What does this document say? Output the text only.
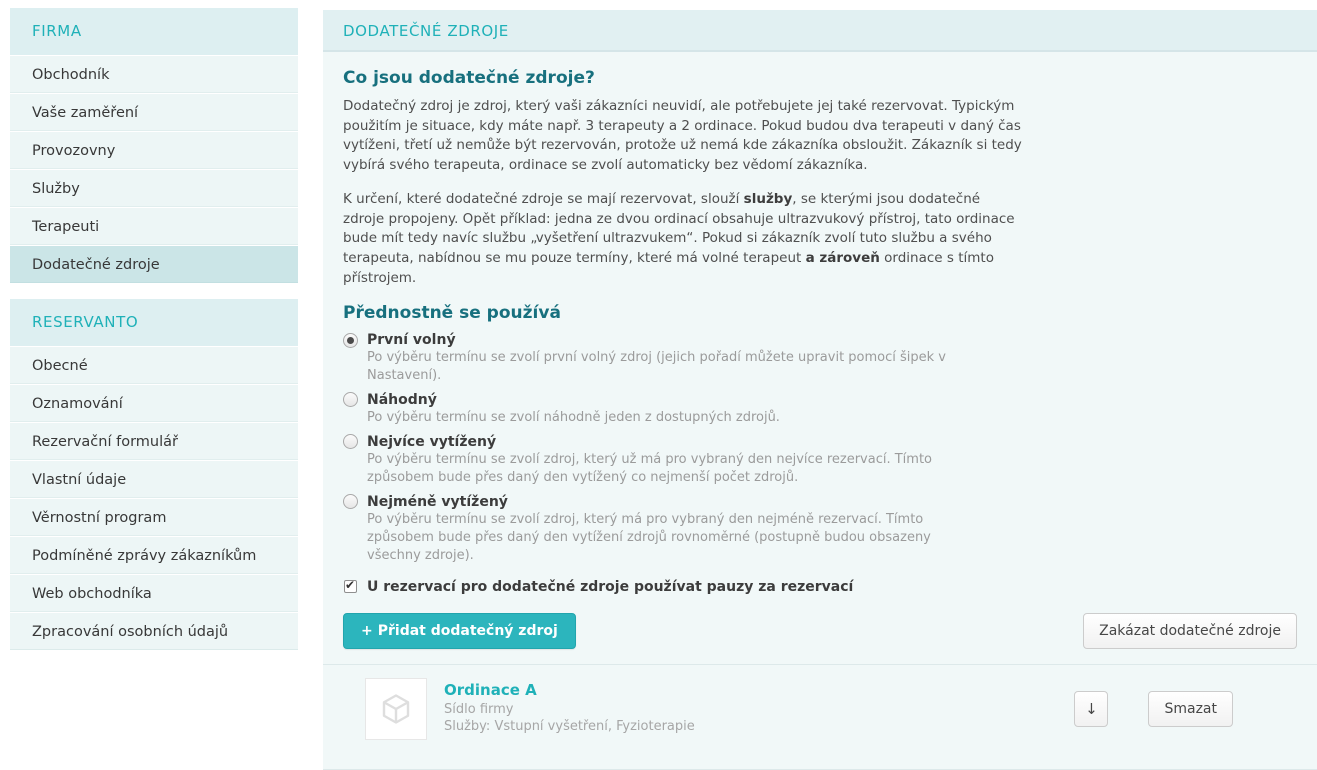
FIRMA
Obchodník
Vaše zaměření
Provozovny
Služby
Terapeuti
Dodatečné zdroje
RESERVANTO
Obecné
Oznamování
Rezervační formulář
Vlastní údaje
Věrnostní program
Podmíněné zprávy zákazníkům
Web obchodníka
Zpracování osobních údajů
DODATEČNÉ ZDROJE
Co jsou dodatečné zdroje?

Dodatečný zdroj je zdroj, který vaši zákazníci neuvidí, ale potřebujete jej také rezervovat. Typickým použitím je situace, kdy máte např. 3 terapeuty a 2 ordinace. Pokud budou dva terapeuti v daný čas vytíženi, třetí už nemůže být rezervován, protože už nemá kde zákazníka obsloužit. Zákazník si tedy vybírá svého terapeuta, ordinace se zvolí automaticky bez vědomí zákazníka.

K určení, které dodatečné zdroje se mají rezervovat, slouží služby, se kterými jsou dodatečné zdroje propojeny. Opět příklad: jedna ze dvou ordinací obsahuje ultrazvukový přístroj, tato ordinace bude mít tedy navíc službu „vyšetření ultrazvukem“. Pokud si zákazník zvolí tuto službu a svého terapeuta, nabídnou se mu pouze termíny, které má volné terapeut a zároveň ordinace s tímto přístrojem.

Přednostně se používá
První volný
Po výběru termínu se zvolí první volný zdroj (jejich pořadí můžete upravit pomocí šipek v Nastavení).
Náhodný
Po výběru termínu se zvolí náhodně jeden z dostupných zdrojů.
Nejvíce vytížený
Po výběru termínu se zvolí zdroj, který už má pro vybraný den nejvíce rezervací. Tímto způsobem bude přes daný den vytížený co nejmenší počet zdrojů.
Nejméně vytížený
Po výběru termínu se zvolí zdroj, který má pro vybraný den nejméně rezervací. Tímto způsobem bude přes daný den vytížení zdrojů rovnoměrné (postupně budou obsazeny všechny zdroje).
✔
U rezervací pro dodatečné zdroje používat pauzy za rezervací
+ Přidat dodatečný zdroj	Zakázat dodatečné zdroje
Ordinace A
Sídlo firmy
Služby: Vstupní vyšetření, Fyzioterapie
↓	Smazat
